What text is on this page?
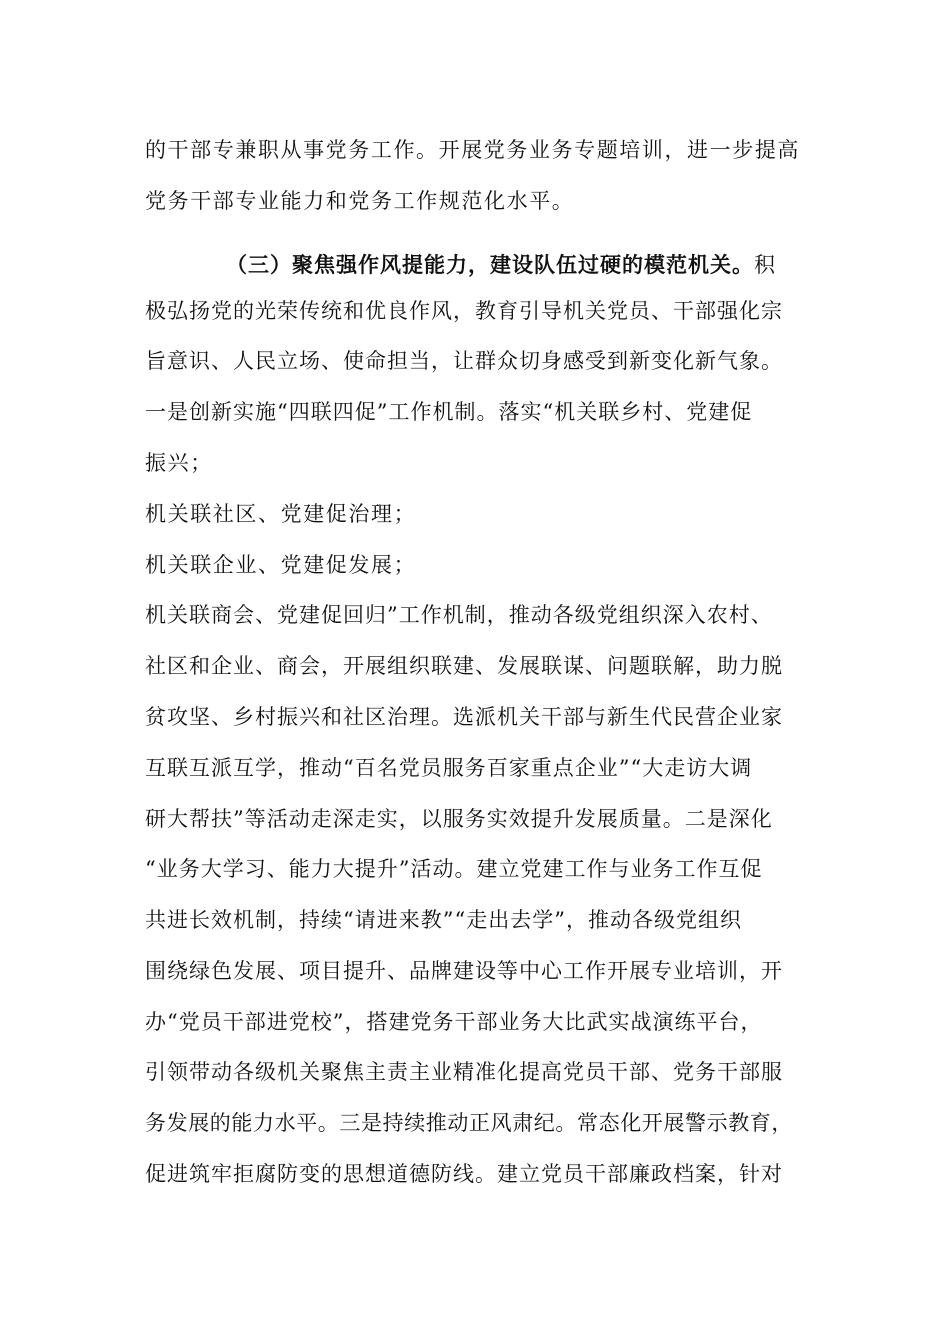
的干部专兼职从事党务工作。开展党务业务专题培训，进一步提高
党务干部专业能力和党务工作规范化水平。
（三）聚焦强作风提能力，建设队伍过硬的模范机关。积
极弘扬党的光荣传统和优良作风，教育引导机关党员、干部强化宗
旨意识、人民立场、使命担当，让群众切身感受到新变化新气象。
一是创新实施“四联四促”工作机制。落实“机关联乡村、党建促
振兴；
机关联社区、党建促治理；
机关联企业、党建促发展；
机关联商会、党建促回归”工作机制，推动各级党组织深入农村、
社区和企业、商会，开展组织联建、发展联谋、问题联解，助力脱
贫攻坚、乡村振兴和社区治理。选派机关干部与新生代民营企业家
互联互派互学，推动“百名党员服务百家重点企业”“大走访大调
研大帮扶”等活动走深走实，以服务实效提升发展质量。二是深化
“业务大学习、能力大提升”活动。建立党建工作与业务工作互促
共进长效机制，持续“请进来教”“走出去学”，推动各级党组织
围绕绿色发展、项目提升、品牌建设等中心工作开展专业培训，开
办“党员干部进党校”，搭建党务干部业务大比武实战演练平台，
引领带动各级机关聚焦主责主业精准化提高党员干部、党务干部服
务发展的能力水平。三是持续推动正风肃纪。常态化开展警示教育，
促进筑牢拒腐防变的思想道德防线。建立党员干部廉政档案，针对
